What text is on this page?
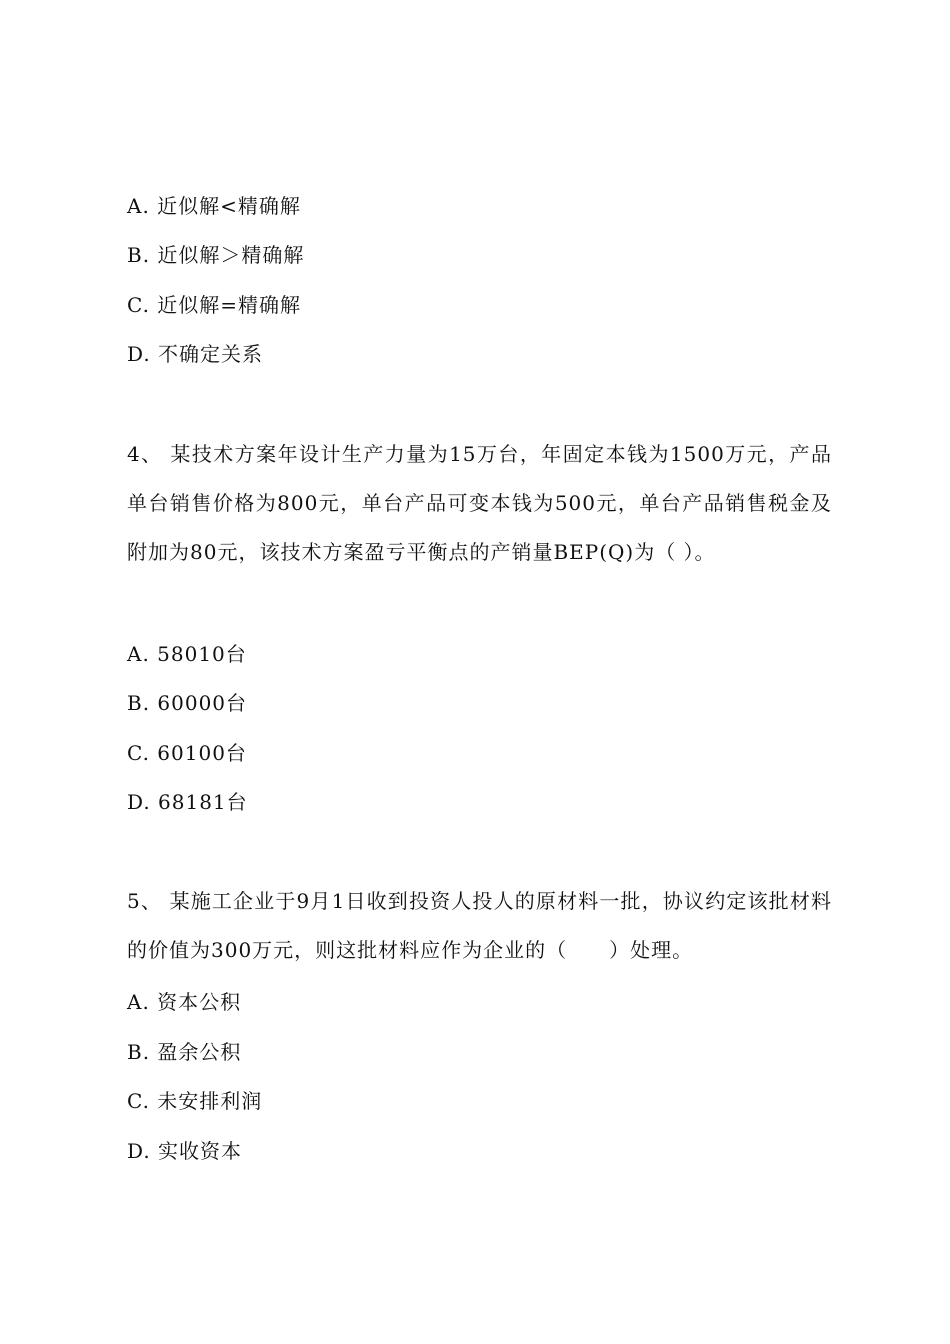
A. 近似解<精确解
B. 近似解＞精确解
C. 近似解=精确解
D. 不确定关系
4、 某技术方案年设计生产力量为15万台，年固定本钱为1500万元，产品单台销售价格为800元，单台产品可变本钱为500元，单台产品销售税金及附加为80元，该技术方案盈亏平衡点的产销量BEP(Q)为（ ）。
A. 58010台
B. 60000台
C. 60100台
D. 68181台
5、 某施工企业于9月1日收到投资人投人的原材料一批，协议约定该批材料的价值为300万元，则这批材料应作为企业的（　　）处理。
A. 资本公积
B. 盈余公积
C. 未安排利润
D. 实收资本
